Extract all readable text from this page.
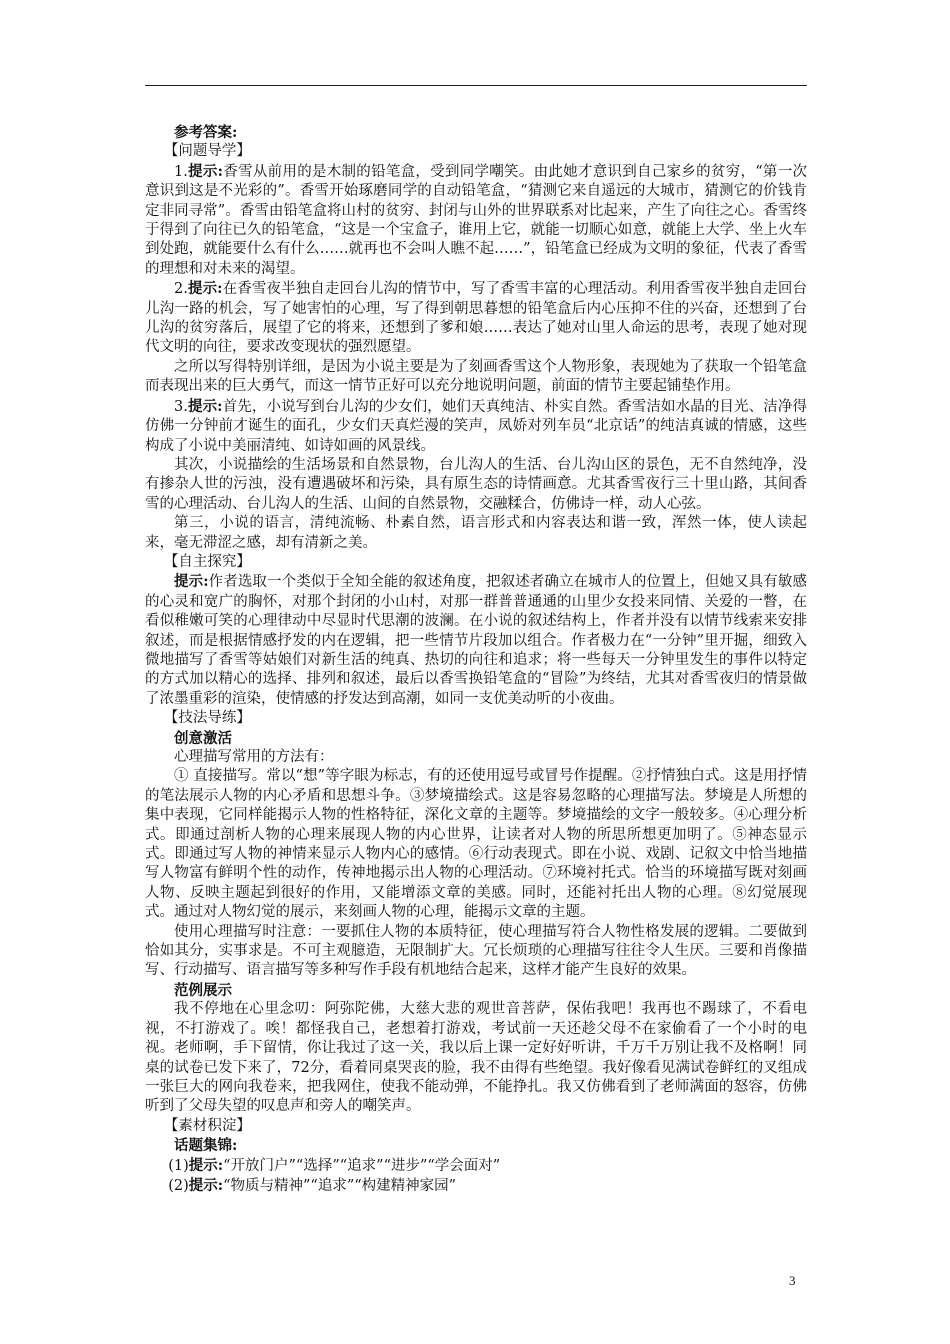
参考答案:

【问题导学】

1.提示:香雪从前用的是木制的铅笔盒，受到同学嘲笑。由此她才意识到自己家乡的贫穷，“第一次意识到这是不光彩的”。香雪开始琢磨同学的自动铅笔盒，“猜测它来自遥远的大城市，猜测它的价钱肯定非同寻常”。香雪由铅笔盒将山村的贫穷、封闭与山外的世界联系对比起来，产生了向往之心。香雪终于得到了向往已久的铅笔盒，“这是一个宝盒子，谁用上它，就能一切顺心如意，就能上大学、坐上火车到处跑，就能要什么有什么……就再也不会叫人瞧不起……”，铅笔盒已经成为文明的象征，代表了香雪的理想和对未来的渴望。

2.提示:在香雪夜半独自走回台儿沟的情节中，写了香雪丰富的心理活动。利用香雪夜半独自走回台儿沟一路的机会，写了她害怕的心理，写了得到朝思暮想的铅笔盒后内心压抑不住的兴奋，还想到了台儿沟的贫穷落后，展望了它的将来，还想到了爹和娘……表达了她对山里人命运的思考，表现了她对现代文明的向往，要求改变现状的强烈愿望。

之所以写得特别详细，是因为小说主要是为了刻画香雪这个人物形象，表现她为了获取一个铅笔盒而表现出来的巨大勇气，而这一情节正好可以充分地说明问题，前面的情节主要起铺垫作用。

3.提示:首先，小说写到台儿沟的少女们，她们天真纯洁、朴实自然。香雪洁如水晶的目光、洁净得仿佛一分钟前才诞生的面孔，少女们天真烂漫的笑声，凤娇对列车员“北京话”的纯洁真诚的情感，这些构成了小说中美丽清纯、如诗如画的风景线。

其次，小说描绘的生活场景和自然景物，台儿沟人的生活、台儿沟山区的景色，无不自然纯净，没有掺杂人世的污浊，没有遭遇破坏和污染，具有原生态的诗情画意。尤其香雪夜行三十里山路，其间香雪的心理活动、台儿沟人的生活、山间的自然景物，交融糅合，仿佛诗一样，动人心弦。

第三，小说的语言，清纯流畅、朴素自然，语言形式和内容表达和谐一致，浑然一体，使人读起来，毫无滞涩之感，却有清新之美。

【自主探究】

提示:作者选取一个类似于全知全能的叙述角度，把叙述者确立在城市人的位置上，但她又具有敏感的心灵和宽广的胸怀，对那个封闭的小山村，对那一群普普通通的山里少女投来同情、关爱的一瞥，在看似稚嫩可笑的心理律动中尽显时代思潮的波澜。在小说的叙述结构上，作者并没有以情节线索来安排叙述，而是根据情感抒发的内在逻辑，把一些情节片段加以组合。作者极力在“一分钟”里开掘，细致入微地描写了香雪等姑娘们对新生活的纯真、热切的向往和追求；将一些每天一分钟里发生的事件以特定的方式加以精心的选择、排列和叙述，最后以香雪换铅笔盒的“冒险”为终结，尤其对香雪夜归的情景做了浓墨重彩的渲染，使情感的抒发达到高潮，如同一支优美动听的小夜曲。

【技法导练】

创意激活

心理描写常用的方法有：

① 直接描写。常以“想”等字眼为标志，有的还使用逗号或冒号作提醒。②抒情独白式。这是用抒情的笔法展示人物的内心矛盾和思想斗争。③梦境描绘式。这是容易忽略的心理描写法。梦境是人所想的集中表现，它同样能揭示人物的性格特征，深化文章的主题等。梦境描绘的文字一般较多。④心理分析式。即通过剖析人物的心理来展现人物的内心世界，让读者对人物的所思所想更加明了。⑤神态显示式。即通过写人物的神情来显示人物内心的感情。⑥行动表现式。即在小说、戏剧、记叙文中恰当地描写人物富有鲜明个性的动作，传神地揭示出人物的心理活动。⑦环境衬托式。恰当的环境描写既对刻画人物、反映主题起到很好的作用，又能增添文章的美感。同时，还能衬托出人物的心理。⑧幻觉展现式。通过对人物幻觉的展示，来刻画人物的心理，能揭示文章的主题。

使用心理描写时注意：一要抓住人物的本质特征，使心理描写符合人物性格发展的逻辑。二要做到恰如其分，实事求是。不可主观臆造，无限制扩大。冗长烦琐的心理描写往往令人生厌。三要和肖像描写、行动描写、语言描写等多种写作手段有机地结合起来，这样才能产生良好的效果。

范例展示

我不停地在心里念叨：阿弥陀佛，大慈大悲的观世音菩萨，保佑我吧！我再也不踢球了，不看电视，不打游戏了。唉！都怪我自己，老想着打游戏，考试前一天还趁父母不在家偷看了一个小时的电视。老师啊，手下留情，你让我过了这一关，我以后上课一定好好听讲，千万千万别让我不及格啊！同桌的试卷已发下来了，72分，看着同桌哭丧的脸，我不由得有些绝望。我好像看见满试卷鲜红的叉组成一张巨大的网向我卷来，把我网住，使我不能动弹，不能挣扎。我又仿佛看到了老师满面的怒容，仿佛听到了父母失望的叹息声和旁人的嘲笑声。

【素材积淀】

话题集锦:

(1)提示:“开放门户”“选择”“追求”“进步”“学会面对”

(2)提示:“物质与精神”“追求”“构建精神家园”

3
